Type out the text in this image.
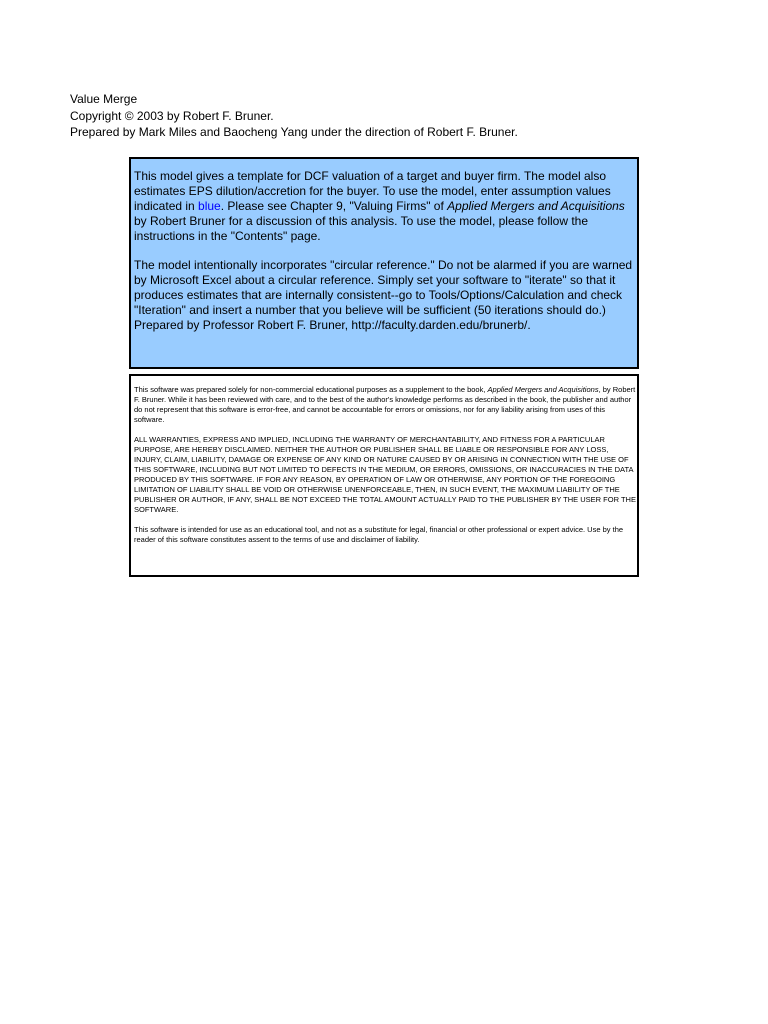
Value Merge
Copyright © 2003 by Robert F. Bruner.
Prepared by Mark Miles and Baocheng Yang under the direction of Robert F. Bruner.

This model gives a template for DCF valuation of a target and buyer firm. The model also estimates EPS dilution/accretion for the buyer. To use the model, enter assumption values indicated in blue. Please see Chapter 9, "Valuing Firms" of Applied Mergers and Acquisitions by Robert Bruner for a discussion of this analysis. To use the model, please follow the instructions in the "Contents" page.

The model intentionally incorporates "circular reference." Do not be alarmed if you are warned by Microsoft Excel about a circular reference. Simply set your software to "iterate" so that it produces estimates that are internally consistent--go to Tools/Options/Calculation and check "Iteration" and insert a number that you believe will be sufficient (50 iterations should do.) Prepared by Professor Robert F. Bruner, http://faculty.darden.edu/brunerb/.

This software was prepared solely for non-commercial educational purposes as a supplement to the book, Applied Mergers and Acquisitions, by Robert F. Bruner. While it has been reviewed with care, and to the best of the author's knowledge performs as described in the book, the publisher and author do not represent that this software is error-free, and cannot be accountable for errors or omissions, nor for any liability arising from uses of this software.

ALL WARRANTIES, EXPRESS AND IMPLIED, INCLUDING THE WARRANTY OF MERCHANTABILITY, AND FITNESS FOR A PARTICULAR PURPOSE, ARE HEREBY DISCLAIMED. NEITHER THE AUTHOR OR PUBLISHER SHALL BE LIABLE OR RESPONSIBLE FOR ANY LOSS, INJURY, CLAIM, LIABILITY, DAMAGE OR EXPENSE OF ANY KIND OR NATURE CAUSED BY OR ARISING IN CONNECTION WITH THE USE OF THIS SOFTWARE, INCLUDING BUT NOT LIMITED TO DEFECTS IN THE MEDIUM, OR ERRORS, OMISSIONS, OR INACCURACIES IN THE DATA PRODUCED BY THIS SOFTWARE. IF FOR ANY REASON, BY OPERATION OF LAW OR OTHERWISE, ANY PORTION OF THE FOREGOING LIMITATION OF LIABILITY SHALL BE VOID OR OTHERWISE UNENFORCEABLE, THEN, IN SUCH EVENT, THE MAXIMUM LIABILITY OF THE PUBLISHER OR AUTHOR, IF ANY, SHALL BE NOT EXCEED THE TOTAL AMOUNT ACTUALLY PAID TO THE PUBLISHER BY THE USER FOR THE SOFTWARE.

This software is intended for use as an educational tool, and not as a substitute for legal, financial or other professional or expert advice. Use by the reader of this software constitutes assent to the terms of use and disclaimer of liability.
